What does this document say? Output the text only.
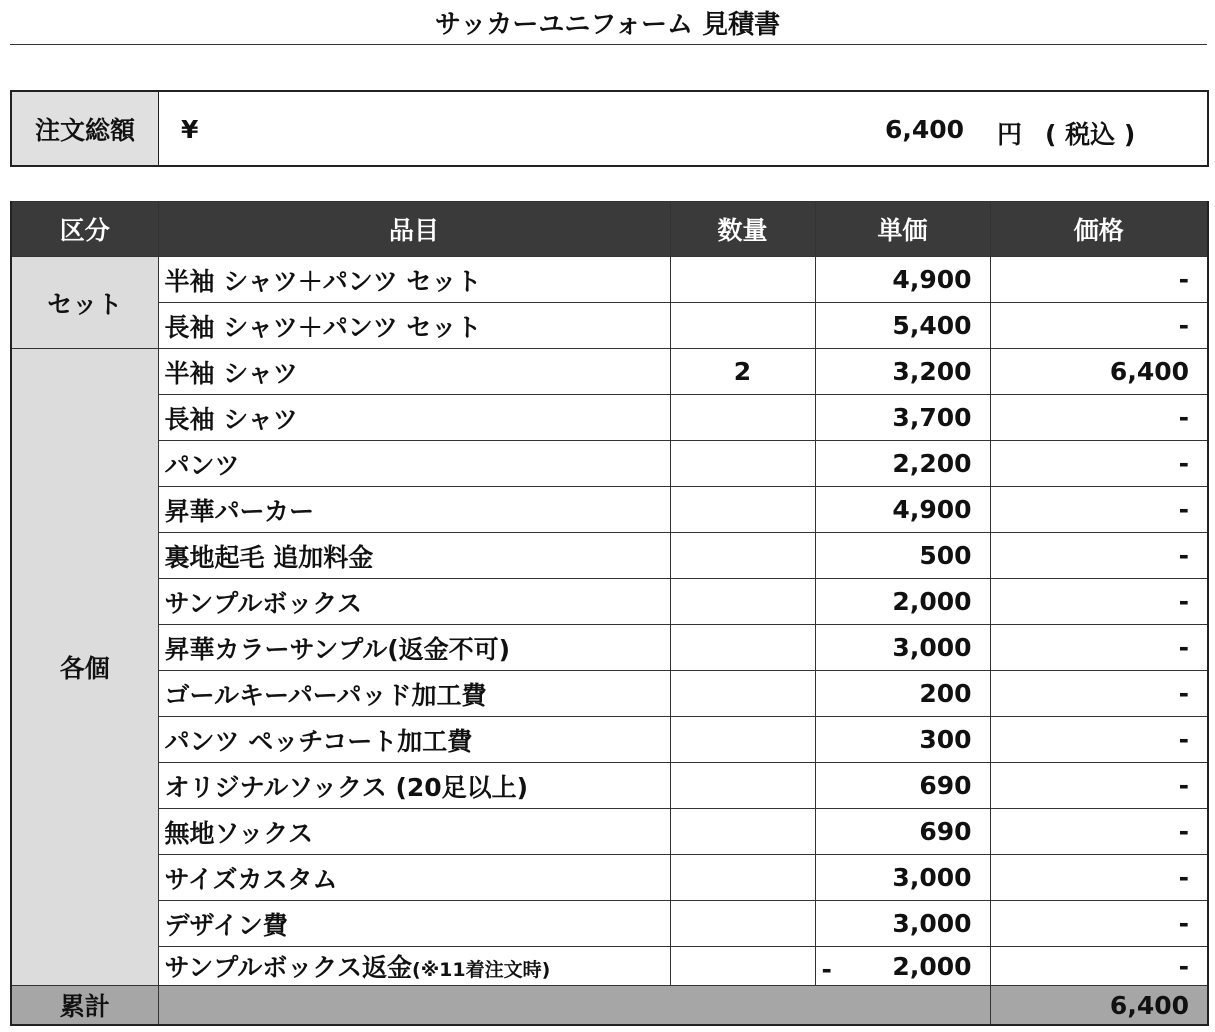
サッカーユニフォーム 見積書
注文総額	¥	6,400 円 ( 税込 )
区分	品目	数量	単価	価格
セット	半袖 シャツ＋パンツ セット		4,900	-
	長袖 シャツ＋パンツ セット		5,400	-
各個	半袖 シャツ	2	3,200	6,400
	長袖 シャツ		3,700	-
	パンツ		2,200	-
	昇華パーカー		4,900	-
	裏地起毛 追加料金		500	-
	サンプルボックス		2,000	-
	昇華カラーサンプル(返金不可)		3,000	-
	ゴールキーパーパッド加工費		200	-
	パンツ ペッチコート加工費		300	-
	オリジナルソックス (20足以上)		690	-
	無地ソックス		690	-
	サイズカスタム		3,000	-
	デザイン費		3,000	-
	サンプルボックス返金(※11着注文時)		- 2,000	-
累計				6,400
